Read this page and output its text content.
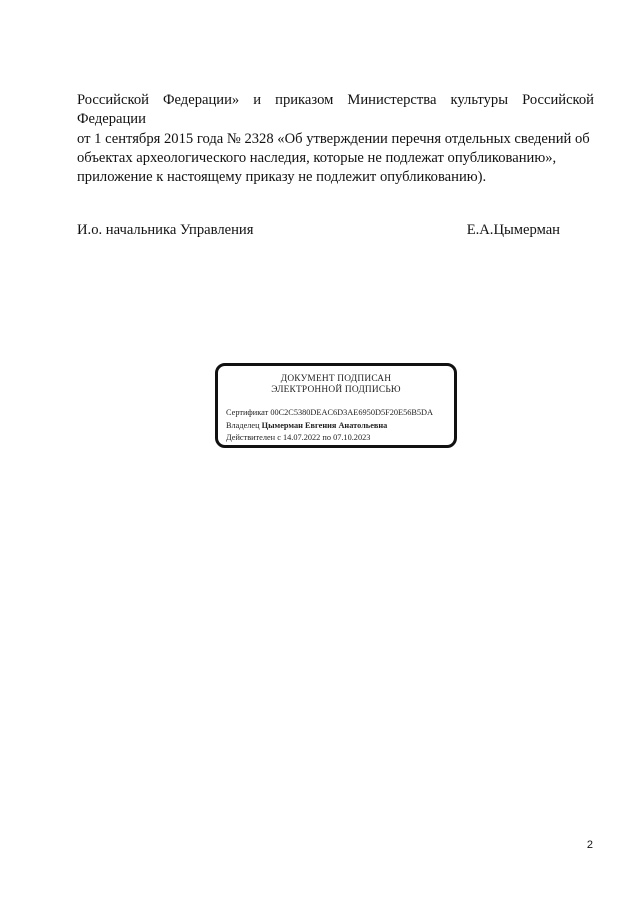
Российской Федерации» и приказом Министерства культуры Российской Федерации

от 1 сентября 2015 года № 2328 «Об утверждении перечня отдельных сведений об

объектах археологического наследия, которые не подлежат опубликованию»,

приложение к настоящему приказу не подлежит опубликованию).

И.о. начальника Управления	Е.А.Цымерман
ДОКУМЕНТ ПОДПИСАН
ЭЛЕКТРОННОЙ ПОДПИСЬЮ
Сертификат 00C2C5380DEAC6D3AE6950D5F20E56B5DA
Владелец Цымерман Евгения Анатольевна
Действителен с 14.07.2022 по 07.10.2023
2
